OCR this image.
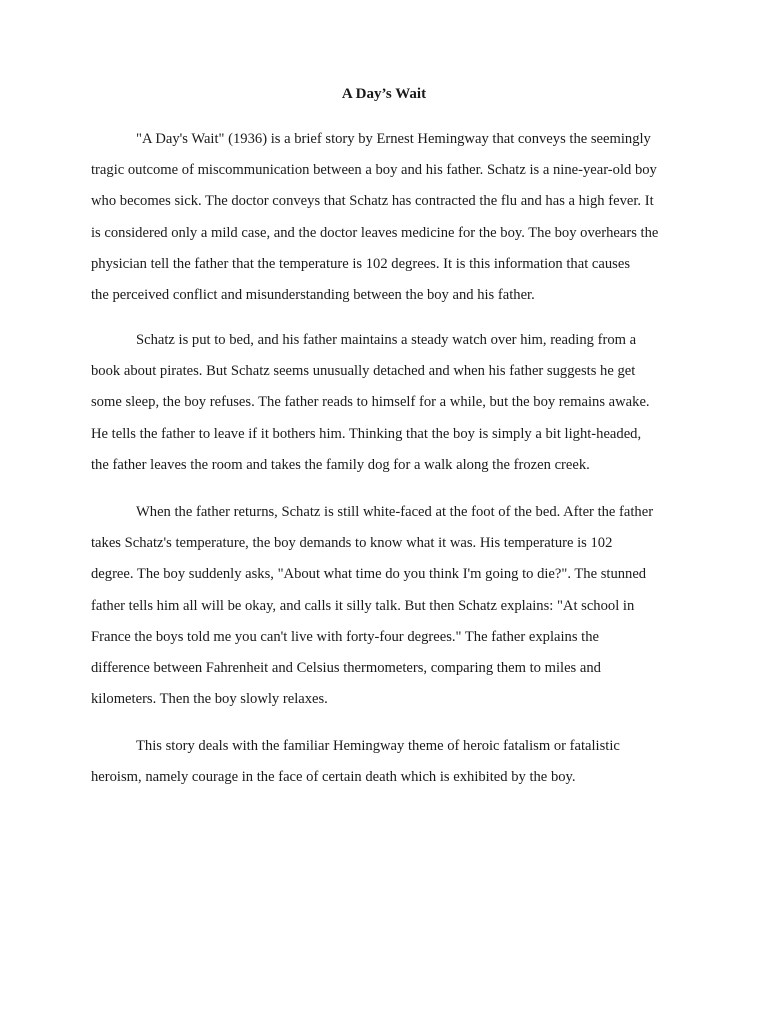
A Day’s Wait

"A Day's Wait" (1936) is a brief story by Ernest Hemingway that conveys the seemingly
tragic outcome of miscommunication between a boy and his father. Schatz is a nine-year-old boy
who becomes sick. The doctor conveys that Schatz has contracted the flu and has a high fever. It
is considered only a mild case, and the doctor leaves medicine for the boy. The boy overhears the
physician tell the father that the temperature is 102 degrees. It is this information that causes
the perceived conflict and misunderstanding between the boy and his father.

Schatz is put to bed, and his father maintains a steady watch over him, reading from a
book about pirates. But Schatz seems unusually detached and when his father suggests he get
some sleep, the boy refuses. The father reads to himself for a while, but the boy remains awake.
He tells the father to leave if it bothers him. Thinking that the boy is simply a bit light-headed,
the father leaves the room and takes the family dog for a walk along the frozen creek.

When the father returns, Schatz is still white-faced at the foot of the bed. After the father
takes Schatz's temperature, the boy demands to know what it was. His temperature is 102
degree. The boy suddenly asks, "About what time do you think I'm going to die?". The stunned
father tells him all will be okay, and calls it silly talk. But then Schatz explains: "At school in
France the boys told me you can't live with forty-four degrees." The father explains the
difference between Fahrenheit and Celsius thermometers, comparing them to miles and
kilometers. Then the boy slowly relaxes.

This story deals with the familiar Hemingway theme of heroic fatalism or fatalistic
heroism, namely courage in the face of certain death which is exhibited by the boy.
